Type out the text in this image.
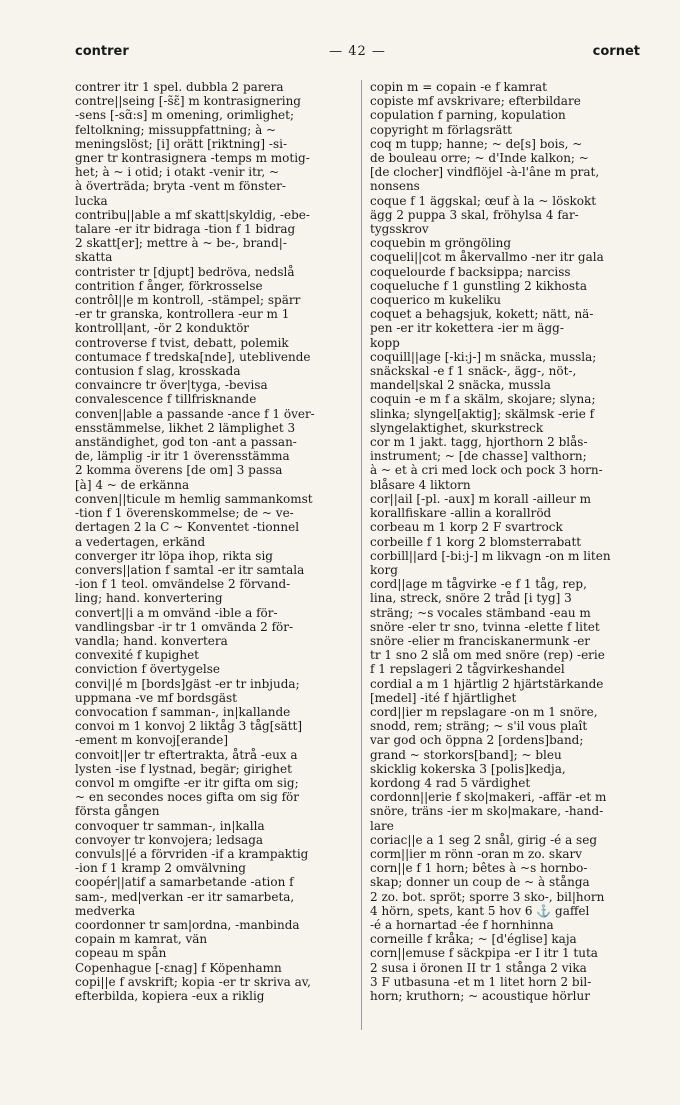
contrer	— 42 —	cornet
contrer itr 1 spel. dubbla 2 parera
contre||seing [-s̃ɛ̃] m kontrasignering
-sens [-sɑ̃:s] m omening, orimlighet;
feltolkning; missuppfattning; à ~
meningslöst; [i] orätt [riktning] -si-
gner tr kontrasignera -temps m motig-
het; à ~ i otid; i otakt -venir itr, ~
à överträda; bryta -vent m fönster-
lucka
contribu||able a mf skatt|skyldig, -ebe-
talare -er itr bidraga -tion f 1 bidrag
2 skatt[er]; mettre à ~ be-, brand|-
skatta
contrister tr [djupt] bedröva, nedslå
contrition f ånger, förkrosselse
contrôl||e m kontroll, -stämpel; spärr
-er tr granska, kontrollera -eur m 1
kontroll|ant, -ör 2 konduktör
controverse f tvist, debatt, polemik
contumace f tredska[nde], uteblivende
contusion f slag, krosskada
convaincre tr över|tyga, -bevisa
convalescence f tillfrisknande
conven||able a passande -ance f 1 över-
ensstämmelse, likhet 2 lämplighet 3
anständighet, god ton -ant a passan-
de, lämplig -ir itr 1 överensstämma
2 komma överens [de om] 3 passa
[à] 4 ~ de erkänna
conven||ticule m hemlig sammankomst
-tion f 1 överenskommelse; de ~ ve-
dertagen 2 la C ~ Konventet -tionnel
a vedertagen, erkänd
converger itr löpa ihop, rikta sig
convers||ation f samtal -er itr samtala
-ion f 1 teol. omvändelse 2 förvand-
ling; hand. konvertering
convert||i a m omvänd -ible a för-
vandlingsbar -ir tr 1 omvända 2 för-
vandla; hand. konvertera
convexité f kupighet
conviction f övertygelse
convi||é m [bords]gäst -er tr inbjuda;
uppmana -ve mf bordsgäst
convocation f samman-, in|kallande
convoi m 1 konvoj 2 liktåg 3 tåg[sätt]
-ement m konvoj[erande]
convoit||er tr eftertrakta, åtrå -eux a
lysten -ise f lystnad, begär; girighet
convol m omgifte -er itr gifta om sig;
~ en secondes noces gifta om sig för
första gången
convoquer tr samman-, in|kalla
convoyer tr konvojera; ledsaga
convuls||é a förvriden -if a krampaktig
-ion f 1 kramp 2 omvälvning
coopér||atif a samarbetande -ation f
sam-, med|verkan -er itr samarbeta,
medverka
coordonner tr sam|ordna, -manbinda
copain m kamrat, vän
copeau m spån
Copenhague [-ɛnag] f Köpenhamn
copi||e f avskrift; kopia -er tr skriva av,
efterbilda, kopiera -eux a riklig
copin m = copain -e f kamrat
copiste mf avskrivare; efterbildare
copulation f parning, kopulation
copyright m förlagsrätt
coq m tupp; hanne; ~ de[s] bois, ~
de bouleau orre; ~ d'Inde kalkon; ~
[de clocher] vindflöjel -à-l'âne m prat,
nonsens
coque f 1 äggskal; œuf à la ~ löskokt
ägg 2 puppa 3 skal, fröhylsa 4 far-
tygsskrov
coquebin m gröngöling
coqueli||cot m åkervallmo -ner itr gala
coquelourde f backsippa; narciss
coqueluche f 1 gunstling 2 kikhosta
coquerico m kukeliku
coquet a behagsjuk, kokett; nätt, nä-
pen -er itr kokettera -ier m ägg-
kopp
coquill||age [-ki:j-] m snäcka, mussla;
snäckskal -e f 1 snäck-, ägg-, nöt-,
mandel|skal 2 snäcka, mussla
coquin -e m f a skälm, skojare; slyna;
slinka; slyngel[aktig]; skälmsk -erie f
slyngelaktighet, skurkstreck
cor m 1 jakt. tagg, hjorthorn 2 blås-
instrument; ~ [de chasse] valthorn;
à ~ et à cri med lock och pock 3 horn-
blåsare 4 liktorn
cor||ail [-pl. -aux] m korall -ailleur m
korallfiskare -allin a korallröd
corbeau m 1 korp 2 F svartrock
corbeille f 1 korg 2 blomsterrabatt
corbill||ard [-bi:j-] m likvagn -on m liten
korg
cord||age m tågvirke -e f 1 tåg, rep,
lina, streck, snöre 2 tråd [i tyg] 3
sträng; ~s vocales stämband -eau m
snöre -eler tr sno, tvinna -elette f litet
snöre -elier m franciskanermunk -er
tr 1 sno 2 slå om med snöre (rep) -erie
f 1 repslageri 2 tågvirkeshandel
cordial a m 1 hjärtlig 2 hjärtstärkande
[medel] -ité f hjärtlighet
cord||ier m repslagare -on m 1 snöre,
snodd, rem; sträng; ~ s'il vous plaît
var god och öppna 2 [ordens]band;
grand ~ storkors[band]; ~ bleu
skicklig kokerska 3 [polis]kedja,
kordong 4 rad 5 värdighet
cordonn||erie f sko|makeri, -affär -et m
snöre, träns -ier m sko|makare, -hand-
lare
coriac||e a 1 seg 2 snål, girig -é a seg
corm||ier m rönn -oran m zo. skarv
corn||e f 1 horn; bêtes à ~s hornbo-
skap; donner un coup de ~ à stånga
2 zo. bot. spröt; sporre 3 sko-, bil|horn
4 hörn, spets, kant 5 hov 6 ⚓ gaffel
-é a hornartad -ée f hornhinna
corneille f kråka; ~ [d'église] kaja
corn||emuse f säckpipa -er I itr 1 tuta
2 susa i öronen II tr 1 stånga 2 vika
3 F utbasuna -et m 1 litet horn 2 bil-
horn; kruthorn; ~ acoustique hörlur
